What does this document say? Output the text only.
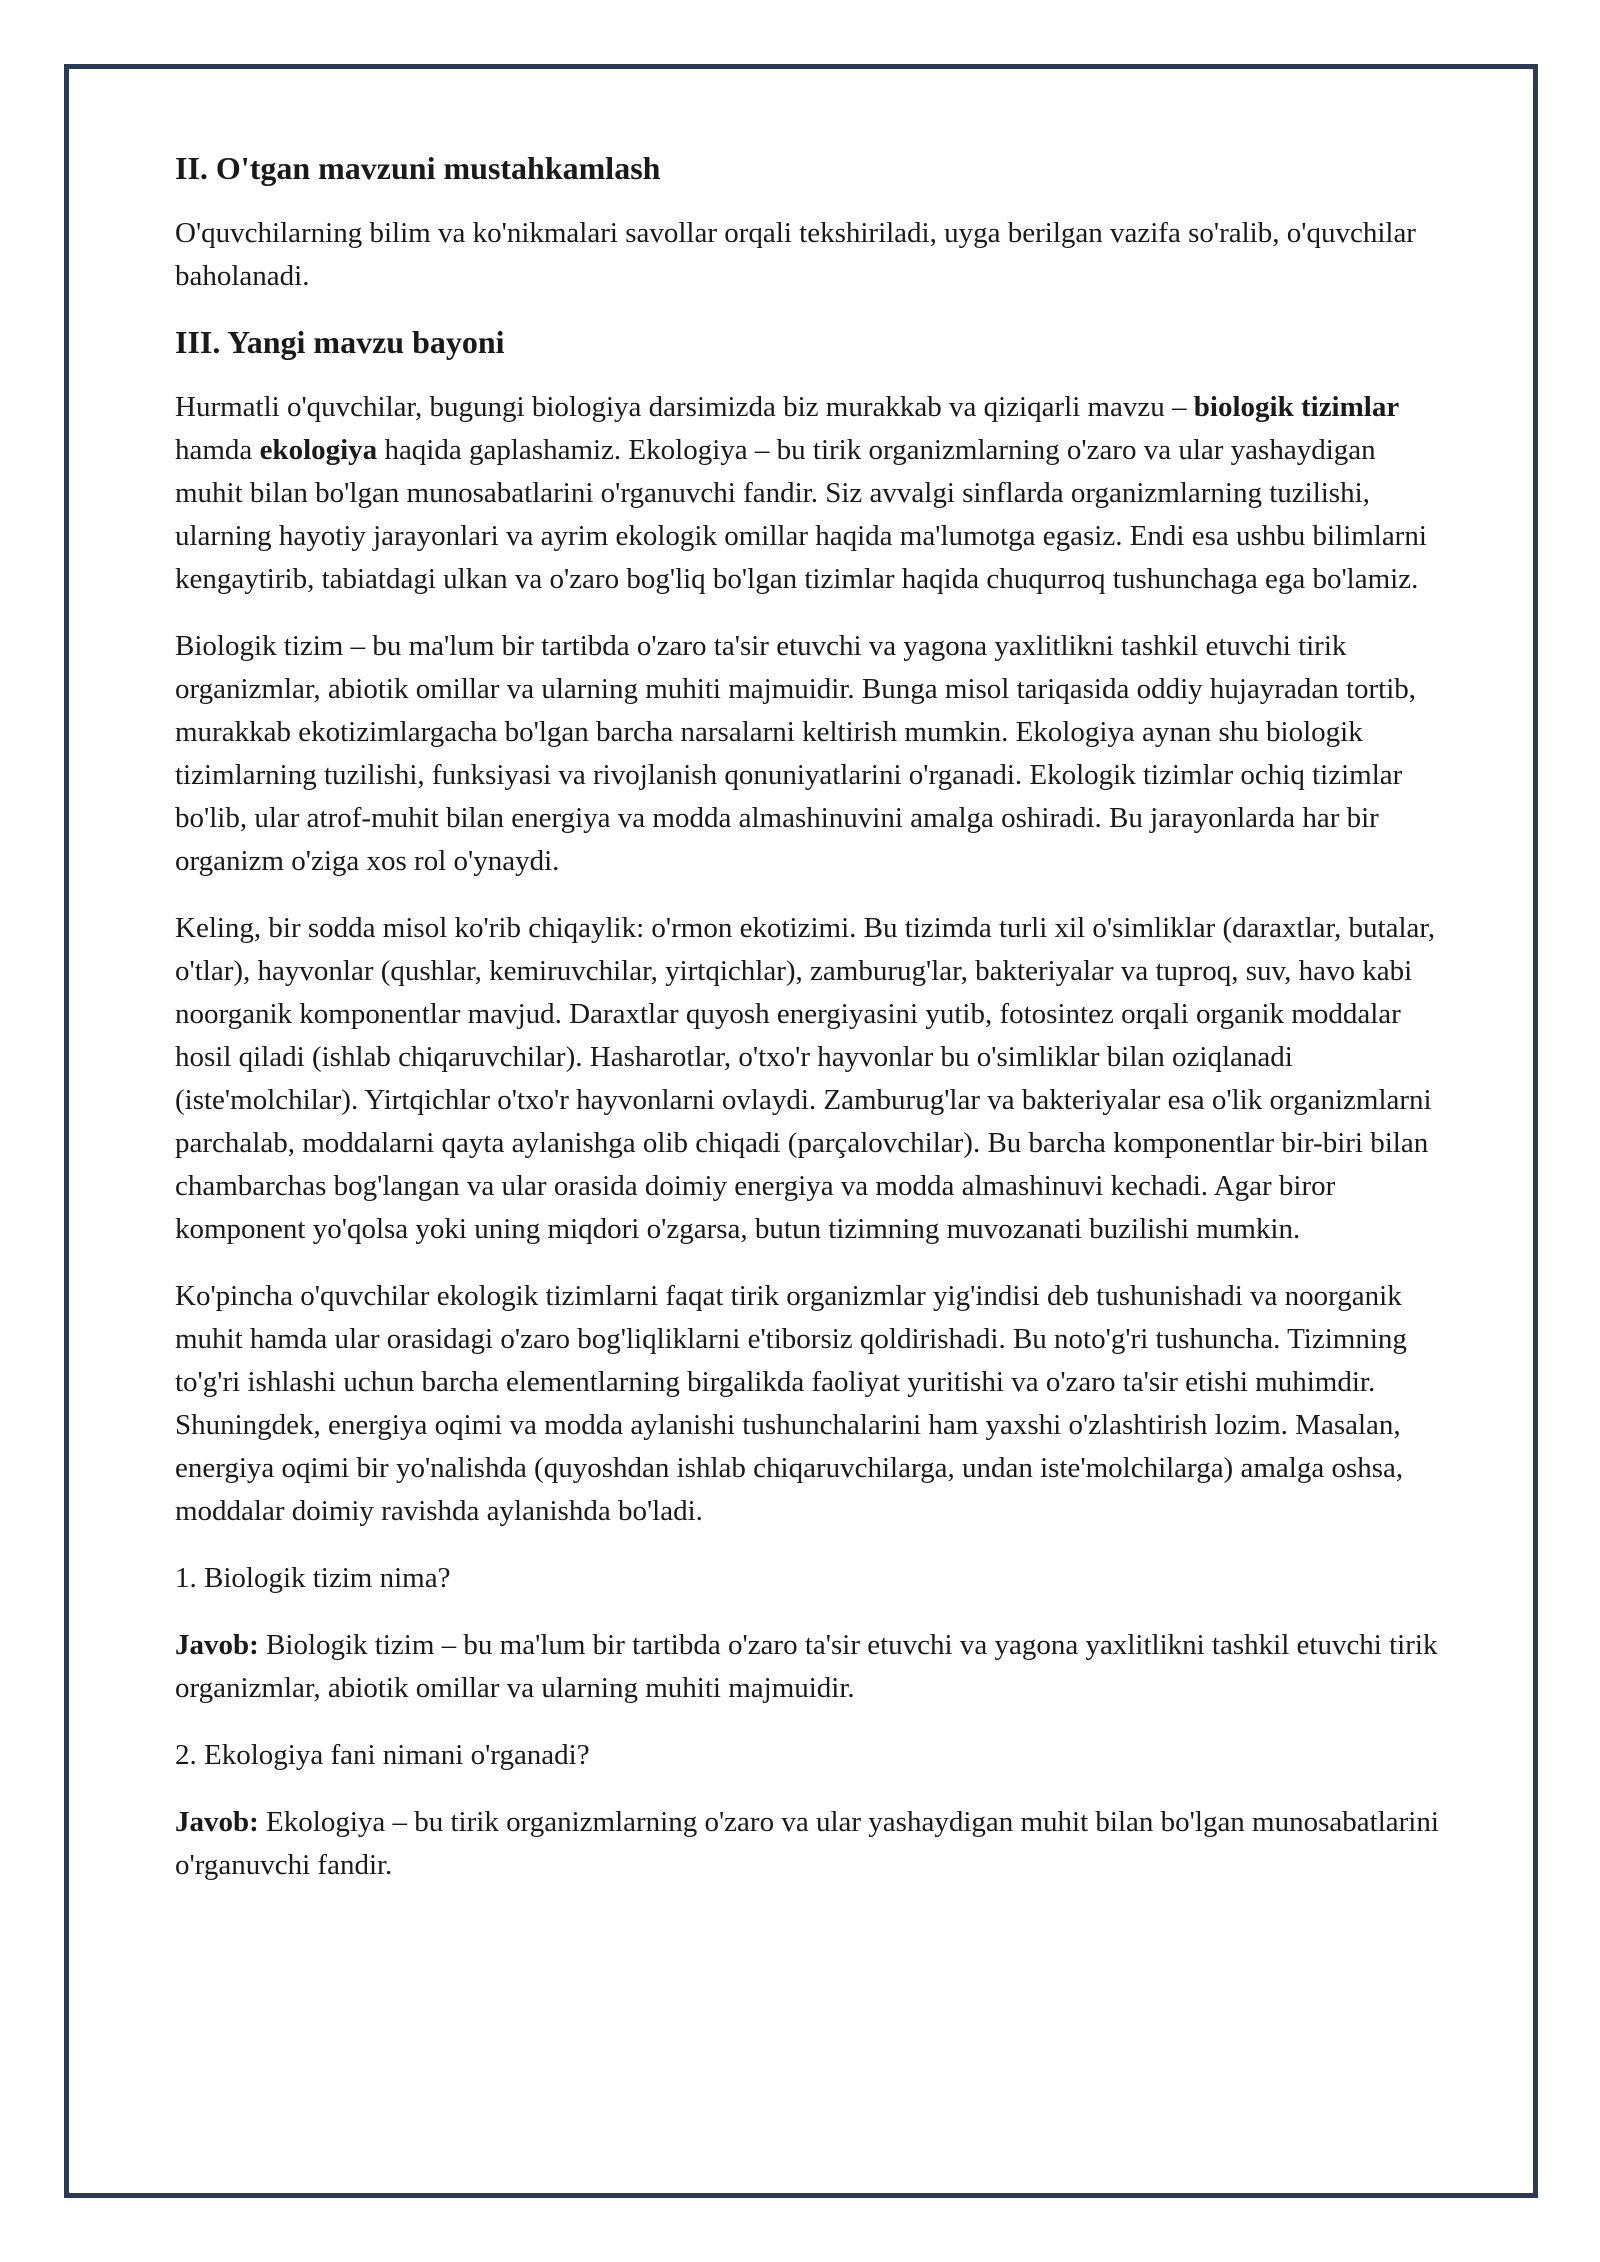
II. O'tgan mavzuni mustahkamlash

O'quvchilarning bilim va ko'nikmalari savollar orqali tekshiriladi, uyga berilgan vazifa so'ralib, o'quvchilar baholanadi.

III. Yangi mavzu bayoni

Hurmatli o'quvchilar, bugungi biologiya darsimizda biz murakkab va qiziqarli mavzu – biologik tizimlar hamda ekologiya haqida gaplashamiz. Ekologiya – bu tirik organizmlarning o'zaro va ular yashaydigan muhit bilan bo'lgan munosabatlarini o'rganuvchi fandir. Siz avvalgi sinflarda organizmlarning tuzilishi, ularning hayotiy jarayonlari va ayrim ekologik omillar haqida ma'lumotga egasiz. Endi esa ushbu bilimlarni kengaytirib, tabiatdagi ulkan va o'zaro bog'liq bo'lgan tizimlar haqida chuqurroq tushunchaga ega bo'lamiz.

Biologik tizim – bu ma'lum bir tartibda o'zaro ta'sir etuvchi va yagona yaxlitlikni tashkil etuvchi tirik organizmlar, abiotik omillar va ularning muhiti majmuidir. Bunga misol tariqasida oddiy hujayradan tortib, murakkab ekotizimlargacha bo'lgan barcha narsalarni keltirish mumkin. Ekologiya aynan shu biologik tizimlarning tuzilishi, funksiyasi va rivojlanish qonuniyatlarini o'rganadi. Ekologik tizimlar ochiq tizimlar bo'lib, ular atrof-muhit bilan energiya va modda almashinuvini amalga oshiradi. Bu jarayonlarda har bir organizm o'ziga xos rol o'ynaydi.

Keling, bir sodda misol ko'rib chiqaylik: o'rmon ekotizimi. Bu tizimda turli xil o'simliklar (daraxtlar, butalar, o'tlar), hayvonlar (qushlar, kemiruvchilar, yirtqichlar), zamburug'lar, bakteriyalar va tuproq, suv, havo kabi noorganik komponentlar mavjud. Daraxtlar quyosh energiyasini yutib, fotosintez orqali organik moddalar hosil qiladi (ishlab chiqaruvchilar). Hasharotlar, o'txo'r hayvonlar bu o'simliklar bilan oziqlanadi (iste'molchilar). Yirtqichlar o'txo'r hayvonlarni ovlaydi. Zamburug'lar va bakteriyalar esa o'lik organizmlarni parchalab, moddalarni qayta aylanishga olib chiqadi (parçalovchilar). Bu barcha komponentlar bir-biri bilan chambarchas bog'langan va ular orasida doimiy energiya va modda almashinuvi kechadi. Agar biror komponent yo'qolsa yoki uning miqdori o'zgarsa, butun tizimning muvozanati buzilishi mumkin.

Ko'pincha o'quvchilar ekologik tizimlarni faqat tirik organizmlar yig'indisi deb tushunishadi va noorganik muhit hamda ular orasidagi o'zaro bog'liqliklarni e'tiborsiz qoldirishadi. Bu noto'g'ri tushuncha. Tizimning to'g'ri ishlashi uchun barcha elementlarning birgalikda faoliyat yuritishi va o'zaro ta'sir etishi muhimdir. Shuningdek, energiya oqimi va modda aylanishi tushunchalarini ham yaxshi o'zlashtirish lozim. Masalan, energiya oqimi bir yo'nalishda (quyoshdan ishlab chiqaruvchilarga, undan iste'molchilarga) amalga oshsa, moddalar doimiy ravishda aylanishda bo'ladi.

1. Biologik tizim nima?

Javob: Biologik tizim – bu ma'lum bir tartibda o'zaro ta'sir etuvchi va yagona yaxlitlikni tashkil etuvchi tirik organizmlar, abiotik omillar va ularning muhiti majmuidir.

2. Ekologiya fani nimani o'rganadi?

Javob: Ekologiya – bu tirik organizmlarning o'zaro va ular yashaydigan muhit bilan bo'lgan munosabatlarini o'rganuvchi fandir.
